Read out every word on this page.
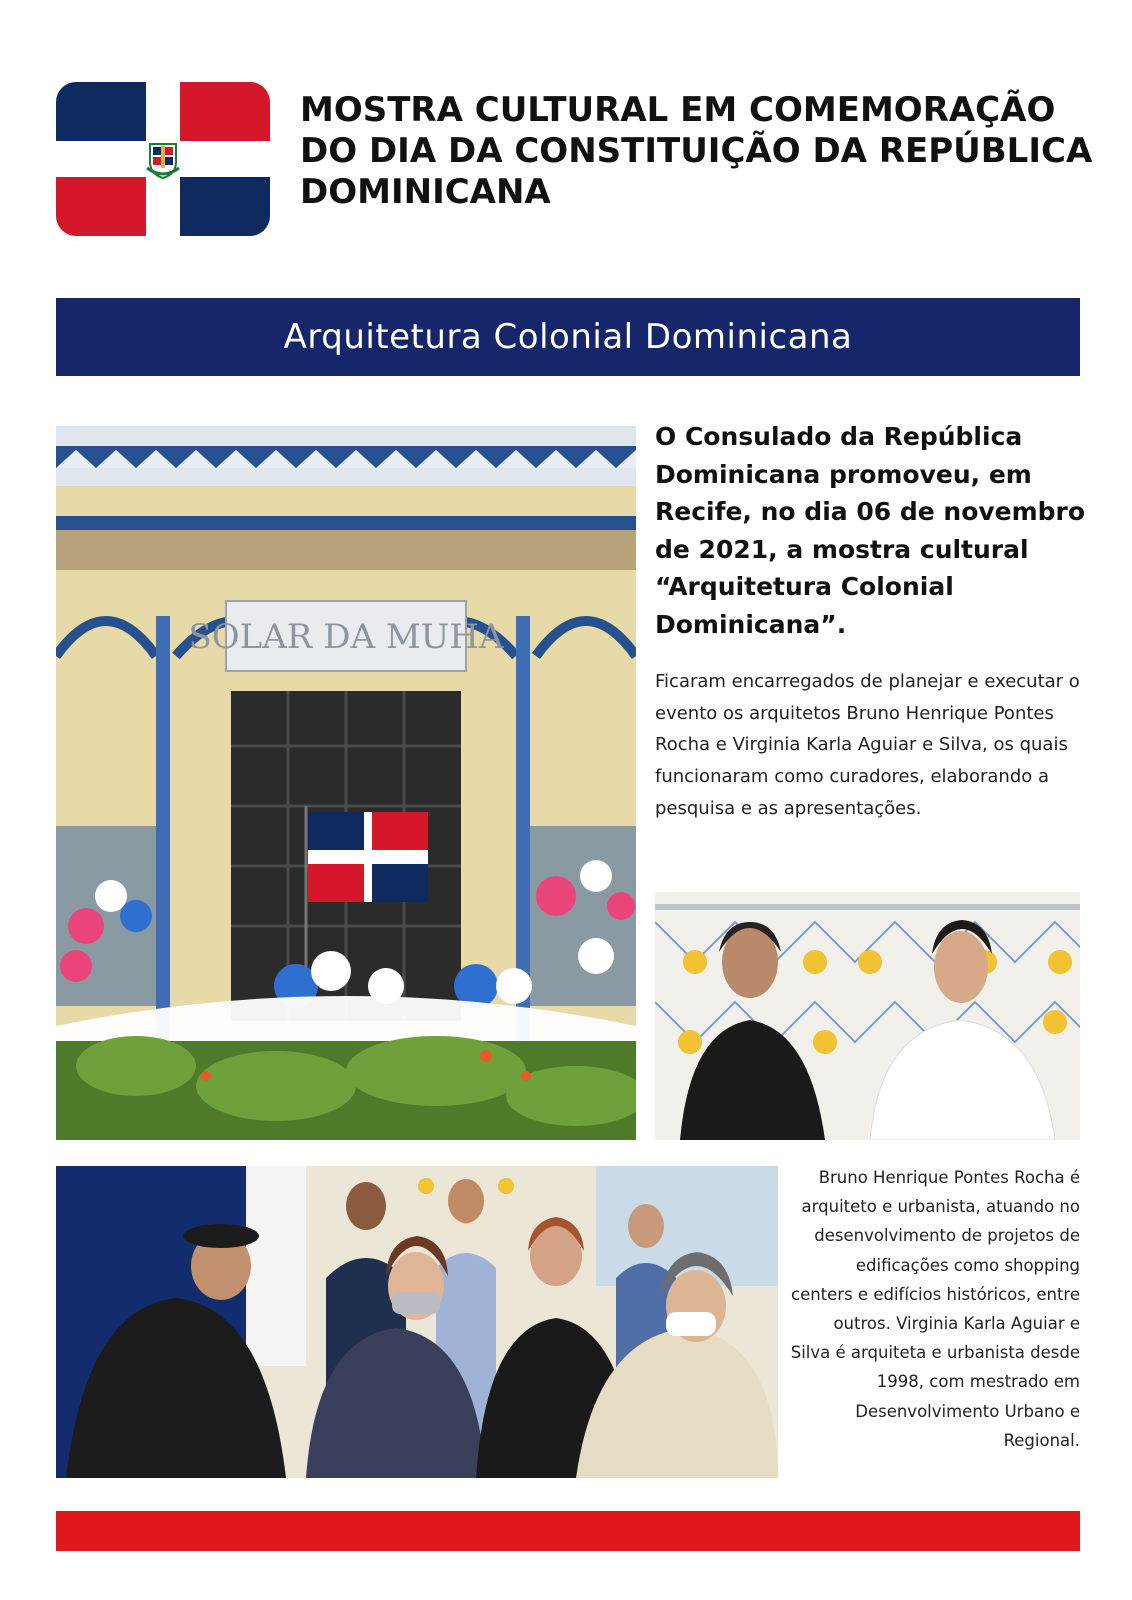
MOSTRA CULTURAL EM COMEMORAÇÃO DO DIA DA CONSTITUIÇÃO DA REPÚBLICA DOMINICANA
Arquitetura Colonial Dominicana
SOLAR DA MUHA
O Consulado da República Dominicana promoveu, em Recife, no dia 06 de novembro de 2021, a mostra cultural “Arquitetura Colonial Dominicana”.

Ficaram encarregados de planejar e executar o evento os arquitetos Bruno Henrique Pontes Rocha e Virginia Karla Aguiar e Silva, os quais funcionaram como curadores, elaborando a pesquisa e as apresentações.

Bruno Henrique Pontes Rocha é arquiteto e urbanista, atuando no desenvolvimento de projetos de edificações como shopping centers e edifícios históricos, entre outros. Virginia Karla Aguiar e Silva é arquiteta e urbanista desde 1998, com mestrado em Desenvolvimento Urbano e Regional.
